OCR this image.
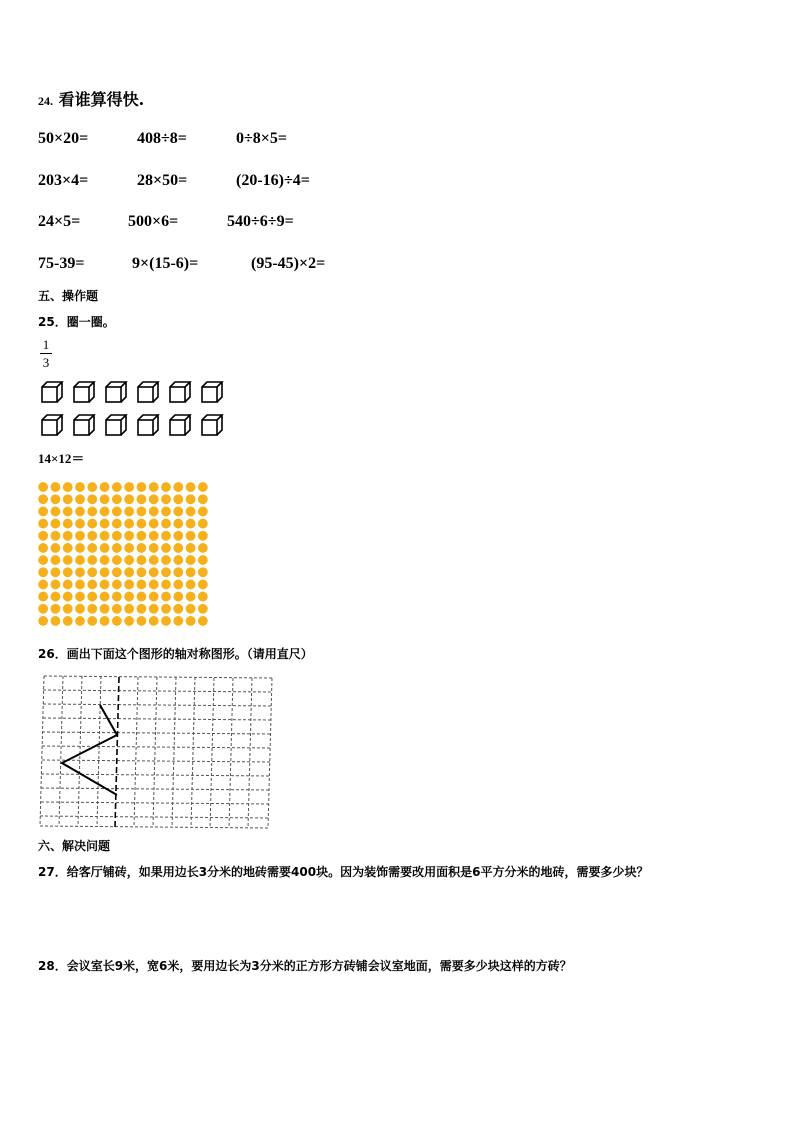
24. 看谁算得快.
50×20=	408÷8=	0÷8×5=
203×4=	28×50=	(20-16)÷4=
24×5=	500×6=	540÷6÷9=
75-39=	9×(15-6)=	(95-45)×2=
五、操作题
25．圈一圈。
1
3
14×12＝
26．画出下面这个图形的轴对称图形。（请用直尺）
六、解决问题
27．给客厅铺砖，如果用边长3分米的地砖需要400块。因为装饰需要改用面积是6平方分米的地砖，需要多少块？
28．会议室长9米，宽6米，要用边长为3分米的正方形方砖铺会议室地面，需要多少块这样的方砖？
